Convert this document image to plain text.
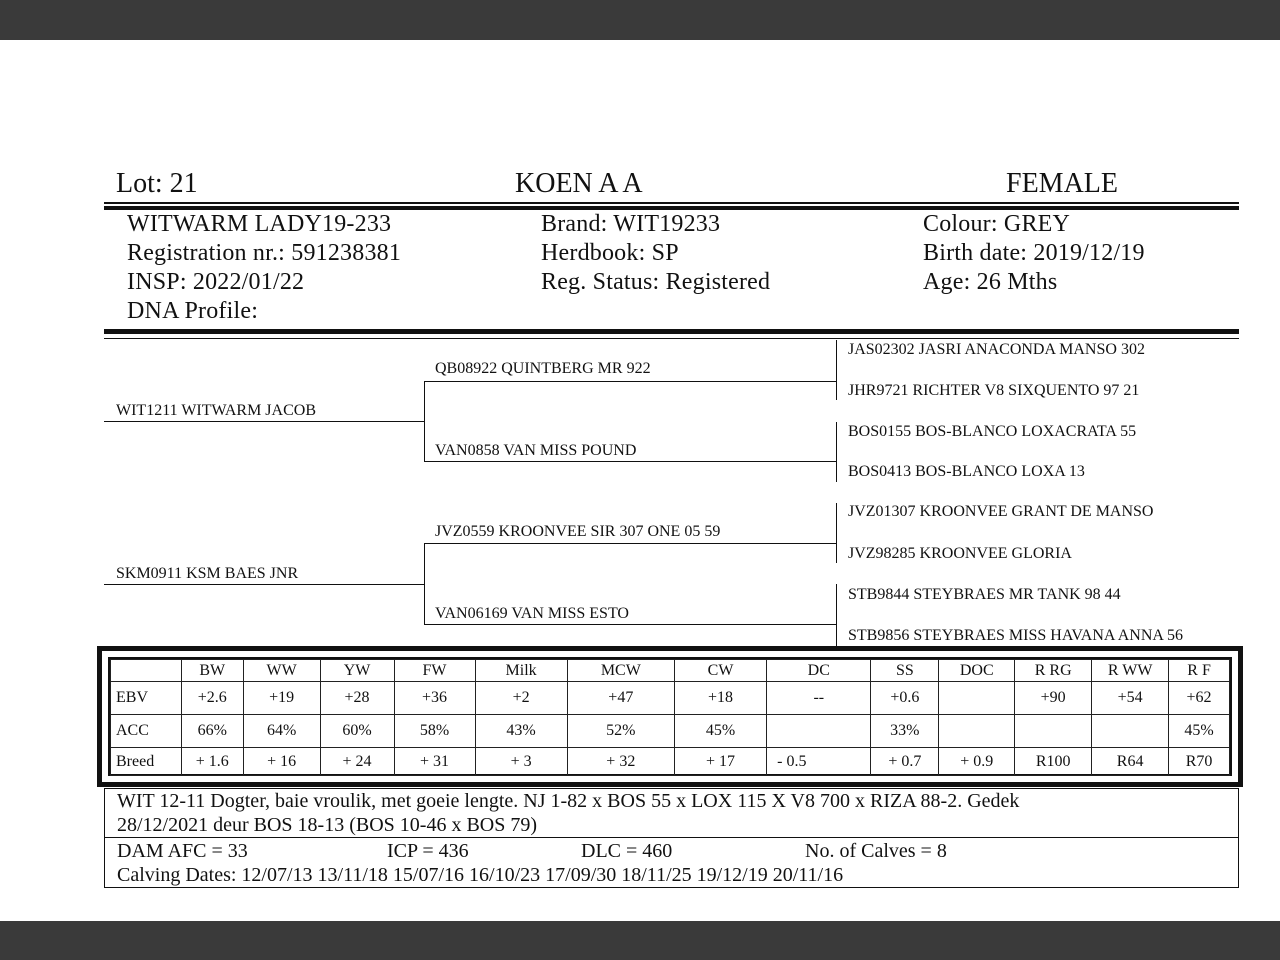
Lot: 21	KOEN A A	FEMALE
WITWARM LADY19-233
Registration nr.: 591238381
INSP: 2022/01/22
DNA Profile:
Brand: WIT19233
Herdbook: SP
Reg. Status: Registered
Colour: GREY
Birth date: 2019/12/19
Age: 26 Mths
WIT1211 WITWARM JACOB
SKM0911 KSM BAES JNR
QB08922 QUINTBERG MR 922
VAN0858 VAN MISS POUND
JVZ0559 KROONVEE SIR 307 ONE 05 59
VAN06169 VAN MISS ESTO
JAS02302 JASRI ANACONDA MANSO 302
JHR9721 RICHTER V8 SIXQUENTO 97 21
BOS0155 BOS-BLANCO LOXACRATA 55
BOS0413 BOS-BLANCO LOXA 13
JVZ01307 KROONVEE GRANT DE MANSO
JVZ98285 KROONVEE GLORIA
STB9844 STEYBRAES MR TANK 98 44
STB9856 STEYBRAES MISS HAVANA ANNA 56
	BW	WW	YW	FW	Milk	MCW	CW	DC	SS	DOC	R RG	R WW	R F
EBV	+2.6	+19	+28	+36	+2	+47	+18	--	+0.6		+90	+54	+62
ACC	66%	64%	60%	58%	43%	52%	45%		33%				45%
Breed	+ 1.6	+ 16	+ 24	+ 31	+ 3	+ 32	+ 17	- 0.5	+ 0.7	+ 0.9	R100	R64	R70
WIT 12-11 Dogter, baie vroulik, met goeie lengte. NJ 1-82 x BOS 55 x LOX 115 X V8 700 x RIZA 88-2. Gedek
28/12/2021 deur BOS 18-13 (BOS 10-46 x BOS 79)
DAM AFC = 33	ICP = 436	DLC = 460	No. of Calves = 8
Calving Dates: 12/07/13 13/11/18 15/07/16 16/10/23 17/09/30 18/11/25 19/12/19 20/11/16
